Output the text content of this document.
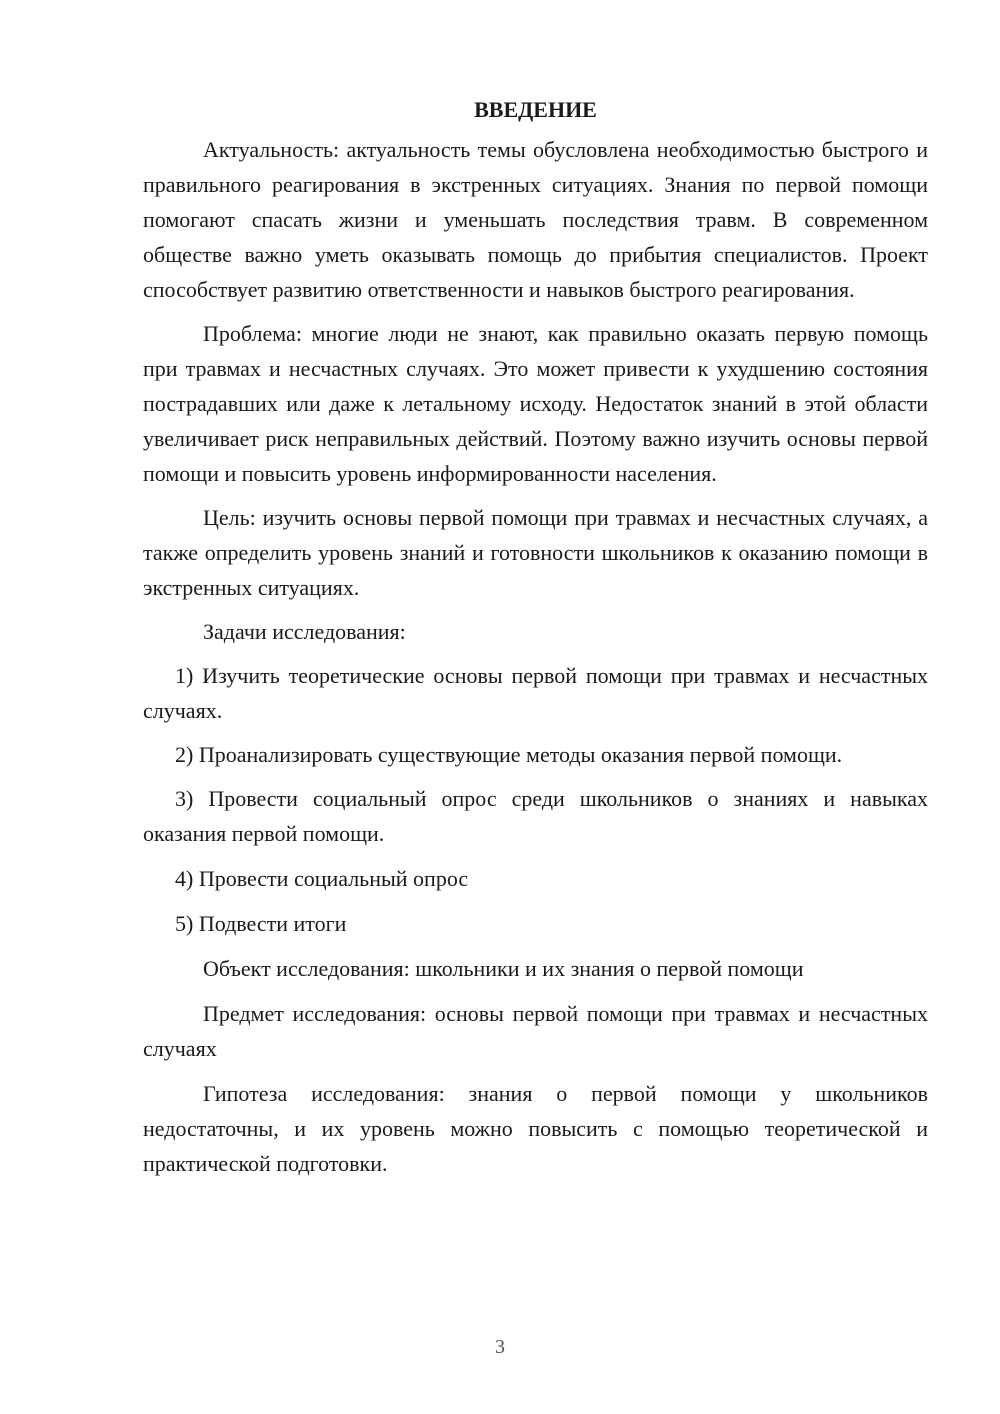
ВВЕДЕНИЕ

Актуальность: актуальность темы обусловлена необходимостью быстрого и правильного реагирования в экстренных ситуациях. Знания по первой помощи помогают спасать жизни и уменьшать последствия травм. В современном обществе важно уметь оказывать помощь до прибытия специалистов. Проект способствует развитию ответственности и навыков быстрого реагирования.

Проблема: многие люди не знают, как правильно оказать первую помощь при травмах и несчастных случаях. Это может привести к ухудшению состояния пострадавших или даже к летальному исходу. Недостаток знаний в этой области увеличивает риск неправильных действий. Поэтому важно изучить основы первой помощи и повысить уровень информированности населения.

Цель: изучить основы первой помощи при травмах и несчастных случаях, а также определить уровень знаний и готовности школьников к оказанию помощи в экстренных ситуациях.

Задачи исследования:

1) Изучить теоретические основы первой помощи при травмах и несчастных случаях.

2) Проанализировать существующие методы оказания первой помощи.

3) Провести социальный опрос среди школьников о знаниях и навыках оказания первой помощи.

4) Провести социальный опрос

5) Подвести итоги

Объект исследования: школьники и их знания о первой помощи

Предмет исследования: основы первой помощи при травмах и несчастных случаях

Гипотеза исследования: знания о первой помощи у школьников недостаточны, и их уровень можно повысить с помощью теоретической и практической подготовки.

3
